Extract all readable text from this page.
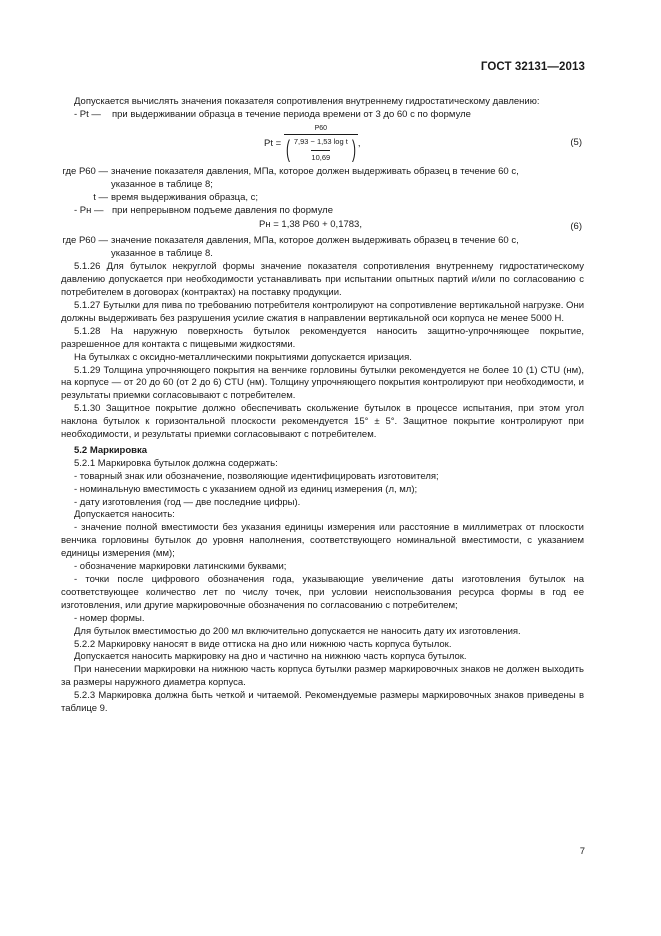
ГОСТ 32131—2013

Допускается вычислять значения показателя сопротивления внутреннему гидростатическому давлению:

- Pt —	при выдерживании образца в течение периода времени от 3 до 60 с по формуле
Pt =
P60
( $\frac{\text{7,93 − 1,53 log t}}{10,69}$ ) ,	(5)
где P60 — значение показателя давления, МПа, которое должен выдерживать образец в течение 60 с,
указанное в таблице 8;
t — время выдерживания образца, с;
- Pн — при непрерывном подъеме давления по формуле
Pн = 1,38 P60 + 0,1783,	(6)
где P60 — значение показателя давления, МПа, которое должен выдерживать образец в течение 60 с,
указанное в таблице 8.

5.1.26 Для бутылок некруглой формы значение показателя сопротивления внутреннему гидростатическому давлению допускается при необходимости устанавливать при испытании опытных партий и/или по согласованию с потребителем в договорах (контрактах) на поставку продукции.

5.1.27 Бутылки для пива по требованию потребителя контролируют на сопротивление вертикальной нагрузке. Они должны выдерживать без разрушения усилие сжатия в направлении вертикальной оси корпуса не менее 5000 Н.

5.1.28 На наружную поверхность бутылок рекомендуется наносить защитно-упрочняющее покрытие, разрешенное для контакта с пищевыми жидкостями.

На бутылках с оксидно-металлическими покрытиями допускается иризация.

5.1.29 Толщина упрочняющего покрытия на венчике горловины бутылки рекомендуется не более 10 (1) CTU (нм), на корпусе — от 20 до 60 (от 2 до 6) CTU (нм). Толщину упрочняющего покрытия контролируют при необходимости, и результаты приемки согласовывают с потребителем.

5.1.30 Защитное покрытие должно обеспечивать скольжение бутылок в процессе испытания, при этом угол наклона бутылок к горизонтальной плоскости рекомендуется 15° ± 5°. Защитное покрытие контролируют при необходимости, и результаты приемки согласовывают с потребителем.

5.2 Маркировка

5.2.1 Маркировка бутылок должна содержать:

- товарный знак или обозначение, позволяющие идентифицировать изготовителя;

- номинальную вместимость с указанием одной из единиц измерения (л, мл);

- дату изготовления (год — две последние цифры).

Допускается наносить:

- значение полной вместимости без указания единицы измерения или расстояние в миллиметрах от плоскости венчика горловины бутылок до уровня наполнения, соответствующего номинальной вместимости, с указанием единицы измерения (мм);

- обозначение маркировки латинскими буквами;

- точки после цифрового обозначения года, указывающие увеличение даты изготовления бутылок на соответствующее количество лет по числу точек, при условии неиспользования ресурса формы в год ее изготовления, или другие маркировочные обозначения по согласованию с потребителем;

- номер формы.

Для бутылок вместимостью до 200 мл включительно допускается не наносить дату их изготовления.

5.2.2 Маркировку наносят в виде оттиска на дно или нижнюю часть корпуса бутылок.

Допускается наносить маркировку на дно и частично на нижнюю часть корпуса бутылок.

При нанесении маркировки на нижнюю часть корпуса бутылки размер маркировочных знаков не должен выходить за размеры наружного диаметра корпуса.

5.2.3 Маркировка должна быть четкой и читаемой. Рекомендуемые размеры маркировочных знаков приведены в таблице 9.

7
